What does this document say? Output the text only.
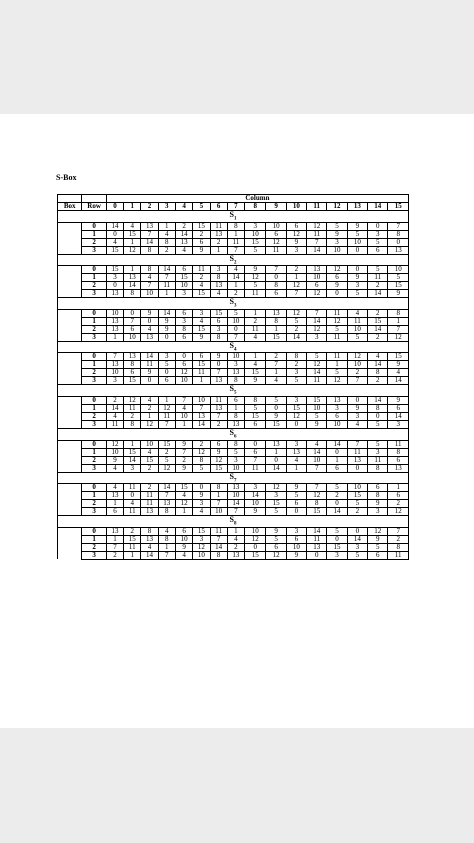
S-Box
		Column															
Box	Row	0	1	2	3	4	5	6	7	8	9	10	11	12	13	14	15
$S_1$
	0	14	4	13	1	2	15	11	8	3	10	6	12	5	9	0	7
	1	0	15	7	4	14	2	13	1	10	6	12	11	9	5	3	8
	2	4	1	14	8	13	6	2	11	15	12	9	7	3	10	5	0
	3	15	12	8	2	4	9	1	7	5	11	3	14	10	0	6	13
$S_2$
	0	15	1	8	14	6	11	3	4	9	7	2	13	12	0	5	10
	1	3	13	4	7	15	2	8	14	12	0	1	10	6	9	11	5
	2	0	14	7	11	10	4	13	1	5	8	12	6	9	3	2	15
	3	13	8	10	1	3	15	4	2	11	6	7	12	0	5	14	9
$S_3$
	0	10	0	9	14	6	3	15	5	1	13	12	7	11	4	2	8
	1	13	7	0	9	3	4	6	10	2	8	5	14	12	11	15	1
	2	13	6	4	9	8	15	3	0	11	1	2	12	5	10	14	7
	3	1	10	13	0	6	9	8	7	4	15	14	3	11	5	2	12
$S_4$
	0	7	13	14	3	0	6	9	10	1	2	8	5	11	12	4	15
	1	13	8	11	5	6	15	0	3	4	7	2	12	1	10	14	9
	2	10	6	9	0	12	11	7	13	15	1	3	14	5	2	8	4
	3	3	15	0	6	10	1	13	8	9	4	5	11	12	7	2	14
$S_5$
	0	2	12	4	1	7	10	11	6	8	5	3	15	13	0	14	9
	1	14	11	2	12	4	7	13	1	5	0	15	10	3	9	8	6
	2	4	2	1	11	10	13	7	8	15	9	12	5	6	3	0	14
	3	11	8	12	7	1	14	2	13	6	15	0	9	10	4	5	3
$S_6$
	0	12	1	10	15	9	2	6	8	0	13	3	4	14	7	5	11
	1	10	15	4	2	7	12	9	5	6	1	13	14	0	11	3	8
	2	9	14	15	5	2	8	12	3	7	0	4	10	1	13	11	6
	3	4	3	2	12	9	5	15	10	11	14	1	7	6	0	8	13
$S_7$
	0	4	11	2	14	15	0	8	13	3	12	9	7	5	10	6	1
	1	13	0	11	7	4	9	1	10	14	3	5	12	2	15	8	6
	2	1	4	11	13	12	3	7	14	10	15	6	8	0	5	9	2
	3	6	11	13	8	1	4	10	7	9	5	0	15	14	2	3	12
$S_8$
	0	13	2	8	4	6	15	11	1	10	9	3	14	5	0	12	7
	1	1	15	13	8	10	3	7	4	12	5	6	11	0	14	9	2
	2	7	11	4	1	9	12	14	2	0	6	10	13	15	3	5	8
	3	2	1	14	7	4	10	8	13	15	12	9	0	3	5	6	11
